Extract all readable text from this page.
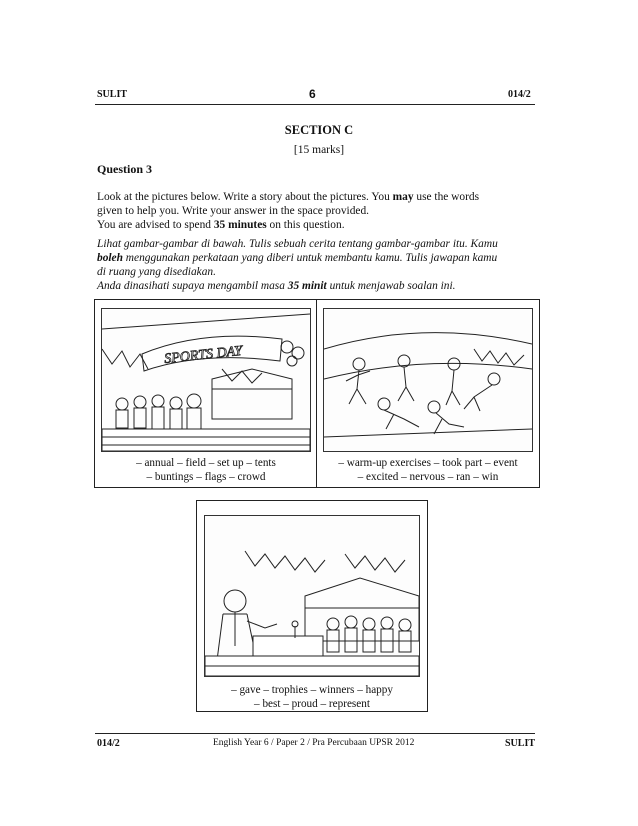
SULIT	6	014/2
SECTION C
[15 marks]
Question 3
Look at the pictures below. Write a story about the pictures. You may use the words
given to help you. Write your answer in the space provided.
You are advised to spend 35 minutes on this question.
Lihat gambar-gambar di bawah. Tulis sebuah cerita tentang gambar-gambar itu. Kamu
boleh menggunakan perkataan yang diberi untuk membantu kamu. Tulis jawapan kamu
di ruang yang disediakan.
Anda dinasihati supaya mengambil masa 35 minit untuk menjawab soalan ini.
SPORTS DAY
– annual – field – set up – tents
– buntings – flags – crowd
– warm-up exercises – took part – event
– excited – nervous – ran – win
– gave – trophies – winners – happy
– best – proud – represent
014/2	English Year 6 / Paper 2 / Pra Percubaan UPSR 2012	SULIT
